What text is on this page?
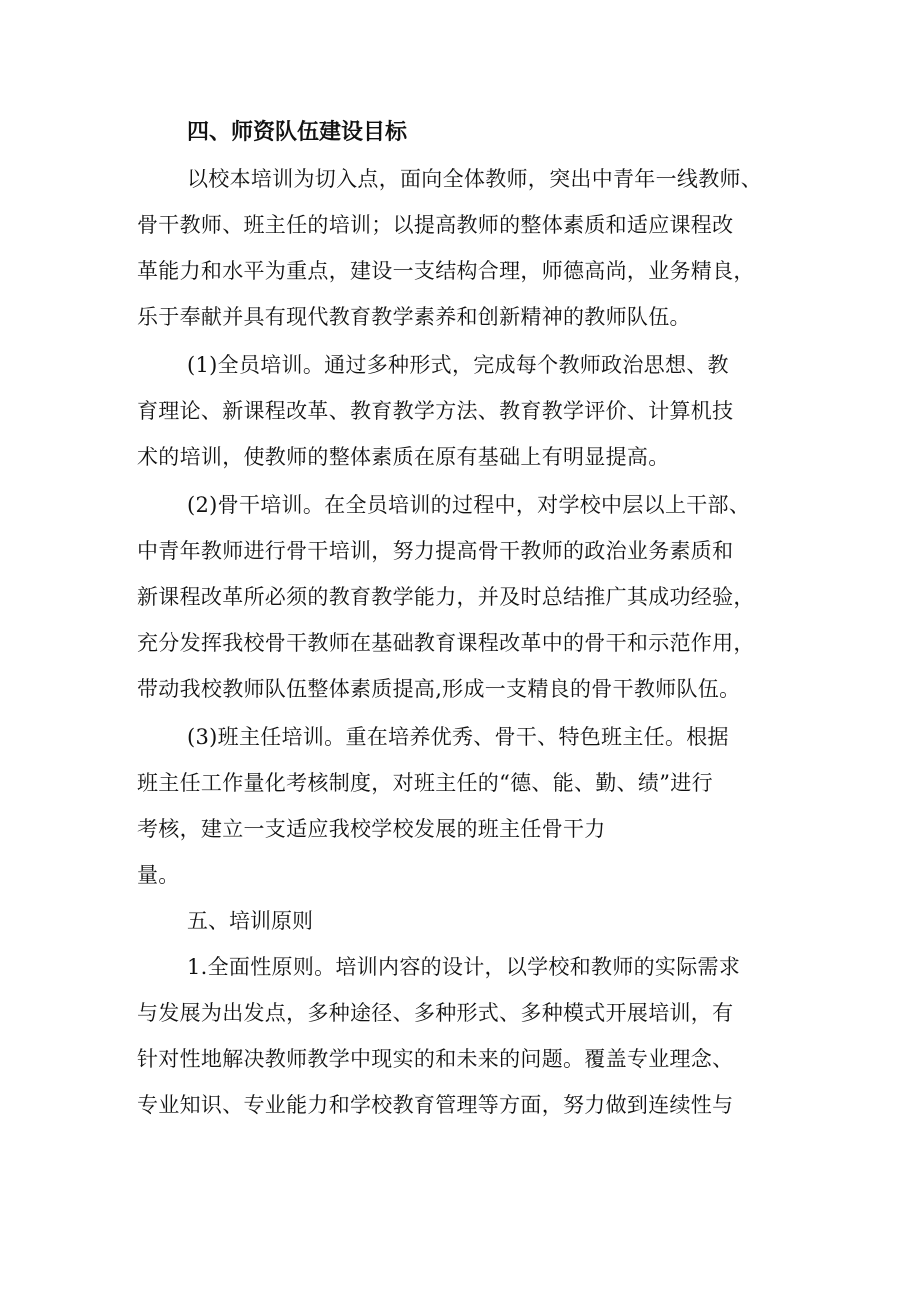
四、师资队伍建设目标

以校本培训为切入点，面向全体教师，突出中青年一线教师、
骨干教师、班主任的培训；以提高教师的整体素质和适应课程改
革能力和水平为重点，建设一支结构合理，师德高尚，业务精良，
乐于奉献并具有现代教育教学素养和创新精神的教师队伍。

(1)全员培训。通过多种形式，完成每个教师政治思想、教
育理论、新课程改革、教育教学方法、教育教学评价、计算机技
术的培训，使教师的整体素质在原有基础上有明显提高。

(2)骨干培训。在全员培训的过程中，对学校中层以上干部、
中青年教师进行骨干培训，努力提高骨干教师的政治业务素质和
新课程改革所必须的教育教学能力，并及时总结推广其成功经验，
充分发挥我校骨干教师在基础教育课程改革中的骨干和示范作用，
带动我校教师队伍整体素质提高,形成一支精良的骨干教师队伍。

(3)班主任培训。重在培养优秀、骨干、特色班主任。根据
班主任工作量化考核制度，对班主任的“德、能、勤、绩”进行
考核，建立一支适应我校学校发展的班主任骨干力
量。

五、培训原则

1.全面性原则。培训内容的设计，以学校和教师的实际需求
与发展为出发点，多种途径、多种形式、多种模式开展培训，有
针对性地解决教师教学中现实的和未来的问题。覆盖专业理念、
专业知识、专业能力和学校教育管理等方面，努力做到连续性与
